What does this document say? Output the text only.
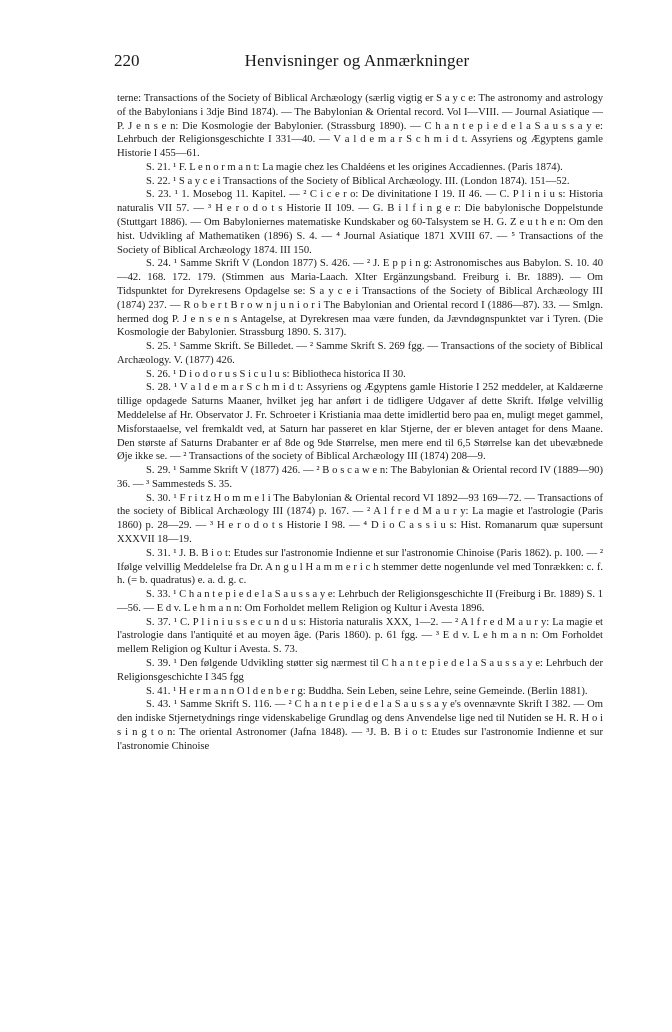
220	Henvisninger og Anmærkninger

terne: Transactions of the Society of Biblical Archæology (særlig vigtig er S a y c e: The astronomy and astrology of the Babylonians i 3dje Bind 1874). — The Babylonian & Oriental record. Vol I—VIII. — Journal Asiatique — P. J e n s e n: Die Kosmologie der Babylonier. (Strassburg 1890). — C h a n t e p i e d e l a S a u s s a y e: Lehrbuch der Religionsgeschichte I 331—40. — V a l d e m a r S c h m i d t. Assyriens og Ægyptens gamle Historie I 455—61.

S. 21. ¹ F. L e n o r m a n t: La magie chez les Chaldéens et les origines Accadiennes. (Paris 1874).

S. 22. ¹ S a y c e i Transactions of the Society of Biblical Archæology. III. (London 1874). 151—52.

S. 23. ¹ 1. Mosebog 11. Kapitel. — ² C i c e r o: De divinitatione I 19. II 46. — C. P l i n i u s: Historia naturalis VII 57. — ³ H e r o d o t s Historie II 109. — G. B i l f i n g e r: Die babylonische Doppelstunde (Stuttgart 1886). — Om Babyloniernes matematiske Kundskaber og 60-Talsystem se H. G. Z e u t h e n: Om den hist. Udvikling af Mathematiken (1896) S. 4. — ⁴ Journal Asiatique 1871 XVIII 67. — ⁵ Transactions of the Society of Biblical Archæology 1874. III 150.

S. 24. ¹ Samme Skrift V (London 1877) S. 426. — ² J. E p p i n g: Astronomisches aus Babylon. S. 10. 40—42. 168. 172. 179. (Stimmen aus Maria-Laach. XIter Ergänzungsband. Freiburg i. Br. 1889). — Om Tidspunktet for Dyrekresens Opdagelse se: S a y c e i Transactions of the Society of Biblical Archæology III (1874) 237. — R o b e r t B r o w n j u n i o r i The Babylonian and Oriental record I (1886—87). 33. — Smlgn. hermed dog P. J e n s e n s Antagelse, at Dyrekresen maa være funden, da Jævndøgnspunktet var i Tyren. (Die Kosmologie der Babylonier. Strassburg 1890. S. 317).

S. 25. ¹ Samme Skrift. Se Billedet. — ² Samme Skrift S. 269 fgg. — Transactions of the society of Biblical Archæology. V. (1877) 426.

S. 26. ¹ D i o d o r u s S i c u l u s: Bibliotheca historica II 30.

S. 28. ¹ V a l d e m a r S c h m i d t: Assyriens og Ægyptens gamle Historie I 252 meddeler, at Kaldæerne tillige opdagede Saturns Maaner, hvilket jeg har anført i de tidligere Udgaver af dette Skrift. Ifølge velvillig Meddelelse af Hr. Observator J. Fr. Schroeter i Kristiania maa dette imidlertid bero paa en, muligt meget gammel, Misforstaaelse, vel fremkaldt ved, at Saturn har passeret en klar Stjerne, der er bleven antaget for dens Maane. Den største af Saturns Drabanter er af 8de og 9de Størrelse, men mere end til 6,5 Størrelse kan det ubevæbnede Øje ikke se. — ² Transactions of the society of Biblical Archæology III (1874) 208—9.

S. 29. ¹ Samme Skrift V (1877) 426. — ² B o s c a w e n: The Babylonian & Oriental record IV (1889—90) 36. — ³ Sammesteds S. 35.

S. 30. ¹ F r i t z H o m m e l i The Babylonian & Oriental record VI 1892—93 169—72. — Transactions of the society of Biblical Archæology III (1874) p. 167. — ² A l f r e d M a u r y: La magie et l'astrologie (Paris 1860) p. 28—29. — ³ H e r o d o t s Historie I 98. — ⁴ D i o C a s s i u s: Hist. Romanarum quæ supersunt XXXVII 18—19.

S. 31. ¹ J. B. B i o t: Etudes sur l'astronomie Indienne et sur l'astronomie Chinoise (Paris 1862). p. 100. — ² Ifølge velvillig Meddelelse fra Dr. A n g u l H a m m e r i c h stemmer dette nogenlunde vel med Tonrækken: c. f. h. (= b. quadratus) e. a. d. g. c.

S. 33. ¹ C h a n t e p i e d e l a S a u s s a y e: Lehrbuch der Religionsgeschichte II (Freiburg i Br. 1889) S. 1—56. — E d v. L e h m a n n: Om Forholdet mellem Religion og Kultur i Avesta 1896.

S. 37. ¹ C. P l i n i u s s e c u n d u s: Historia naturalis XXX, 1—2. — ² A l f r e d M a u r y: La magie et l'astrologie dans l'antiquité et au moyen âge. (Paris 1860). p. 61 fgg. — ³ E d v. L e h m a n n: Om Forholdet mellem Religion og Kultur i Avesta. S. 73.

S. 39. ¹ Den følgende Udvikling støtter sig nærmest til C h a n t e p i e d e l a S a u s s a y e: Lehrbuch der Religionsgeschichte I 345 fgg

S. 41. ¹ H e r m a n n O l d e n b e r g: Buddha. Sein Leben, seine Lehre, seine Gemeinde. (Berlin 1881).

S. 43. ¹ Samme Skrift S. 116. — ² C h a n t e p i e d e l a S a u s s a y e's ovennævnte Skrift I 382. — Om den indiske Stjernetydnings ringe videnskabelige Grundlag og dens Anvendelse lige ned til Nutiden se H. R. H o i s i n g t o n: The oriental Astronomer (Jafna 1848). — ³J. B. B i o t: Etudes sur l'astronomie Indienne et sur l'astronomie Chinoise
